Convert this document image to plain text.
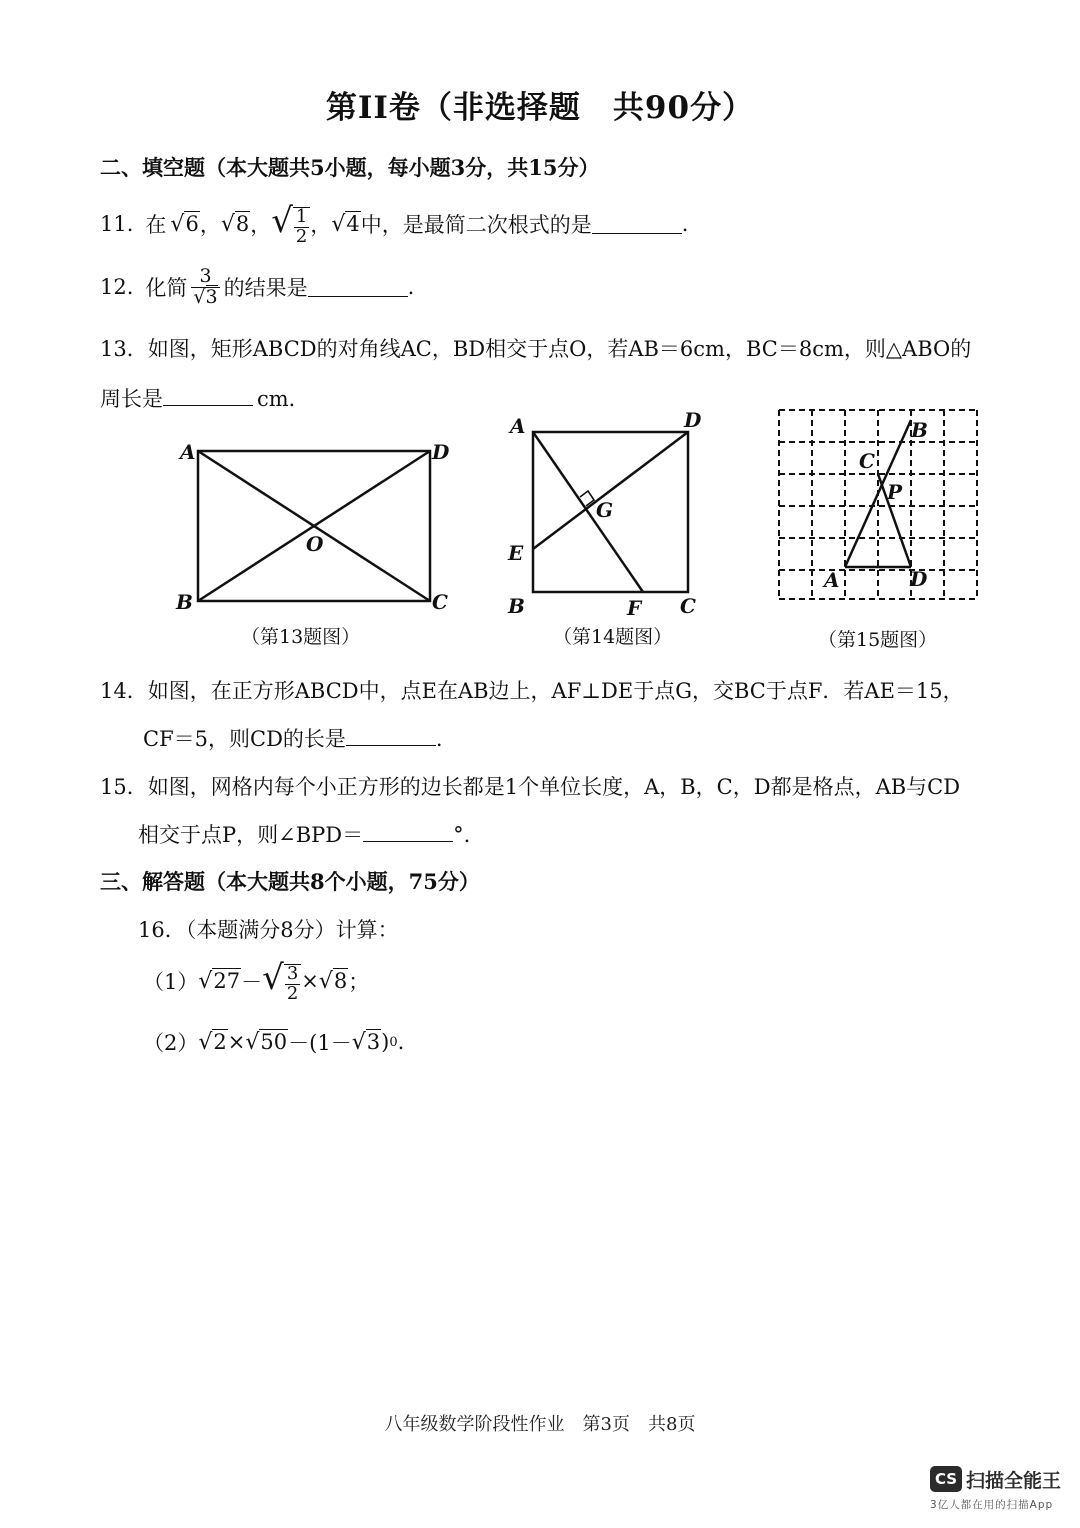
第II卷（非选择题　共90分）
二、填空题（本大题共5小题，每小题3分，共15分）
11. 在 √6 ， √8 ， √ $\frac{1}{2}$ ， √4 中，是最简二次根式的是	.
12. 化简 $\frac{3}{√3}$ 的结果是	.
13．如图，矩形ABCD的对角线AC，BD相交于点O，若AB＝6cm，BC＝8cm，则△ABO的
周长是	cm．
A	D
B	C
O
（第13题图）
A	D
E
G
B	F C
（第14题图）
A
B
C
D
P
（第15题图）
14．如图，在正方形ABCD中，点E在AB边上，AF⊥DE于点G，交BC于点F．若AE＝15，
CF＝5，则CD的长是	.
15．如图，网格内每个小正方形的边长都是1个单位长度，A，B，C，D都是格点，AB与CD
相交于点P，则∠BPD＝	°.
三、解答题（本大题共8个小题，75分）
16．（本题满分8分）计算：
（1） √27 － √ $\frac{3}{2} \times √8$ ；
（2） √2 × √50 －(1－ √3 ) 0 .
八年级数学阶段性作业　第3页　共8页
CS 扫描全能王
3亿人都在用的扫描App
